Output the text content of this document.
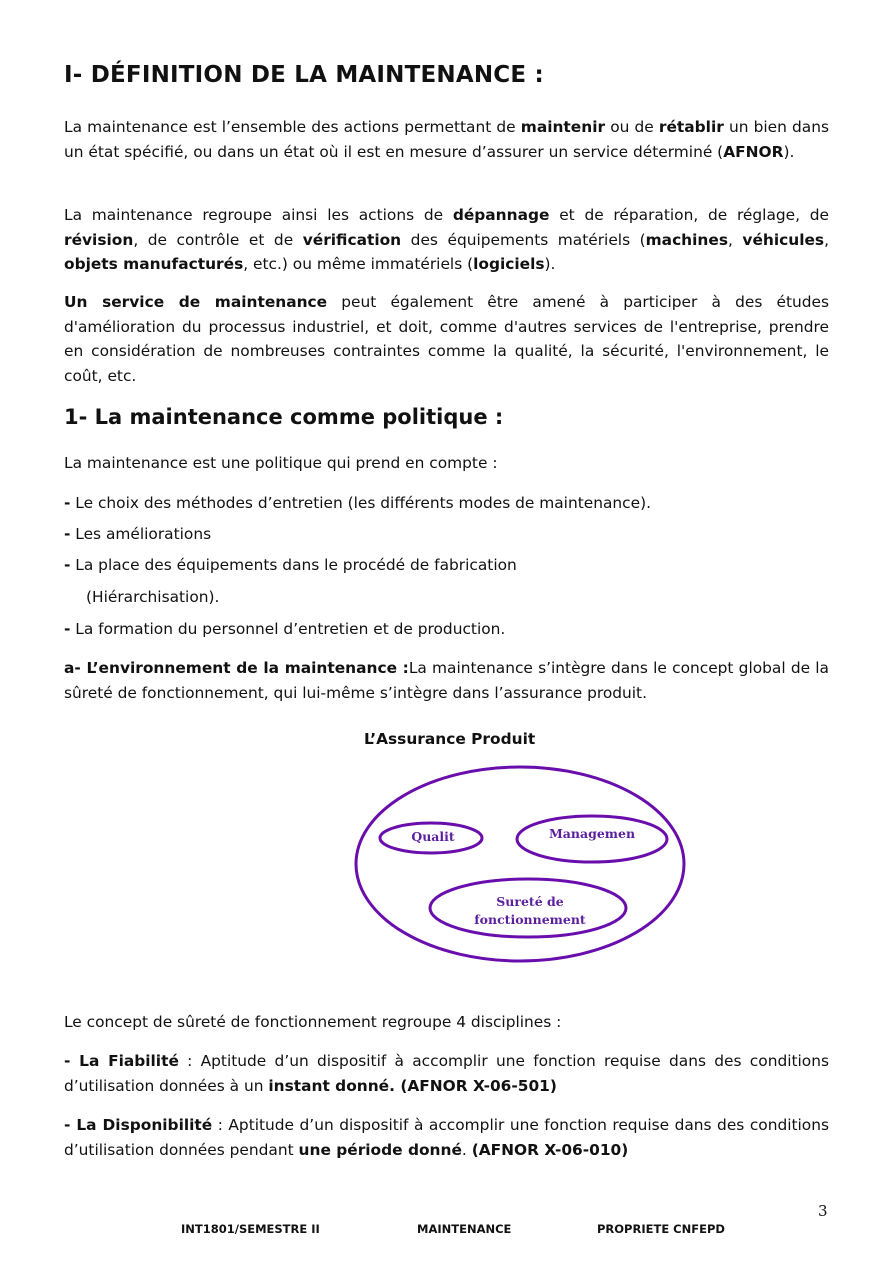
I- DÉFINITION DE LA MAINTENANCE :

La maintenance est l’ensemble des actions permettant de maintenir ou de rétablir un bien dans un état spécifié, ou dans un état où il est en mesure d’assurer un service déterminé (AFNOR).

La maintenance regroupe ainsi les actions de dépannage et de réparation, de réglage, de révision, de contrôle et de vérification des équipements matériels (machines, véhicules, objets manufacturés, etc.) ou même immatériels (logiciels).

Un service de maintenance peut également être amené à participer à des études d'amélioration du processus industriel, et doit, comme d'autres services de l'entreprise, prendre en considération de nombreuses contraintes comme la qualité, la sécurité, l'environnement, le coût, etc.

1- La maintenance comme politique :

La maintenance est une politique qui prend en compte :

- Le choix des méthodes d’entretien (les différents modes de maintenance).

- Les améliorations

- La place des équipements dans le procédé de fabrication

(Hiérarchisation).

- La formation du personnel d’entretien et de production.

a- L’environnement de la maintenance :La maintenance s’intègre dans le concept global de la sûreté de fonctionnement, qui lui-même s’intègre dans l’assurance produit.

L’Assurance Produit
Qualit	Managemen
Sureté de
fonctionnement

Le concept de sûreté de fonctionnement regroupe 4 disciplines :

- La Fiabilité : Aptitude d’un dispositif à accomplir une fonction requise dans des conditions d’utilisation données à un instant donné. (AFNOR X-06-501)

- La Disponibilité : Aptitude d’un dispositif à accomplir une fonction requise dans des conditions d’utilisation données pendant une période donné. (AFNOR X-06-010)

3
INT1801/SEMESTRE II	MAINTENANCE	PROPRIETE CNFEPD
